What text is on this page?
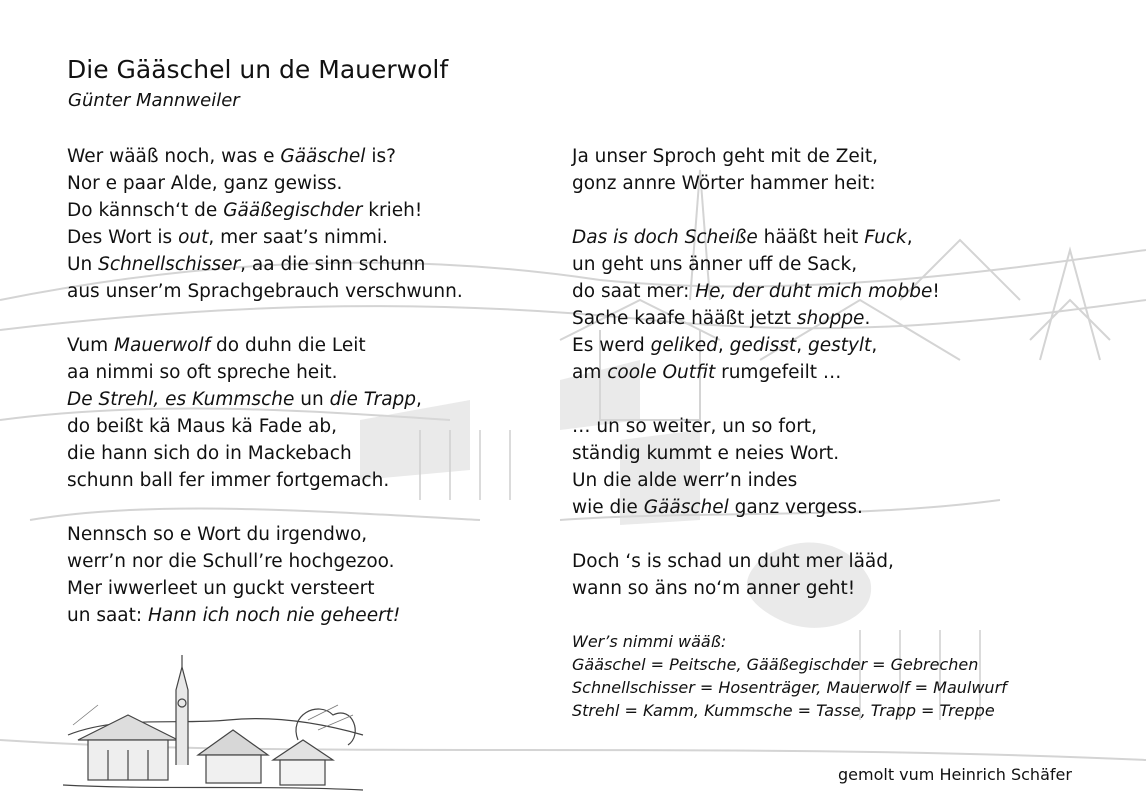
Die Gääschel un de Mauerwolf
Günter Mannweiler
Wer wääß noch, was e Gääschel is?
Nor e paar Alde, ganz gewiss.
Do kännsch‘t de Gääßegischder krieh!
Des Wort is out, mer saat’s nimmi.
Un Schnellschisser, aa die sinn schunn
aus unser’m Sprachgebrauch verschwunn.
Vum Mauerwolf do duhn die Leit
aa nimmi so oft spreche heit.
De Strehl, es Kummsche un die Trapp,
do beißt kä Maus kä Fade ab,
die hann sich do in Mackebach
schunn ball fer immer fortgemach.
Nennsch so e Wort du irgendwo,
werr’n nor die Schull’re hochgezoo.
Mer iwwerleet un guckt versteert
un saat: Hann ich noch nie geheert!
Ja unser Sproch geht mit de Zeit,
gonz annre Wörter hammer heit:
Das is doch Scheiße hääßt heit Fuck,
un geht uns änner uff de Sack,
do saat mer: He, der duht mich mobbe!
Sache kaafe hääßt jetzt shoppe.
Es werd geliked, gedisst, gestylt,
am coole Outfit rumgefeilt …
… un so weiter, un so fort,
ständig kummt e neies Wort.
Un die alde werr’n indes
wie die Gääschel ganz vergess.
Doch ‘s is schad un duht mer lääd,
wann so äns no‘m anner geht!
Wer’s nimmi wääß:
Gääschel = Peitsche, Gääßegischder = Gebrechen
Schnellschisser = Hosenträger, Mauerwolf = Maulwurf
Strehl = Kamm, Kummsche = Tasse, Trapp = Treppe
gemolt vum Heinrich Schäfer
